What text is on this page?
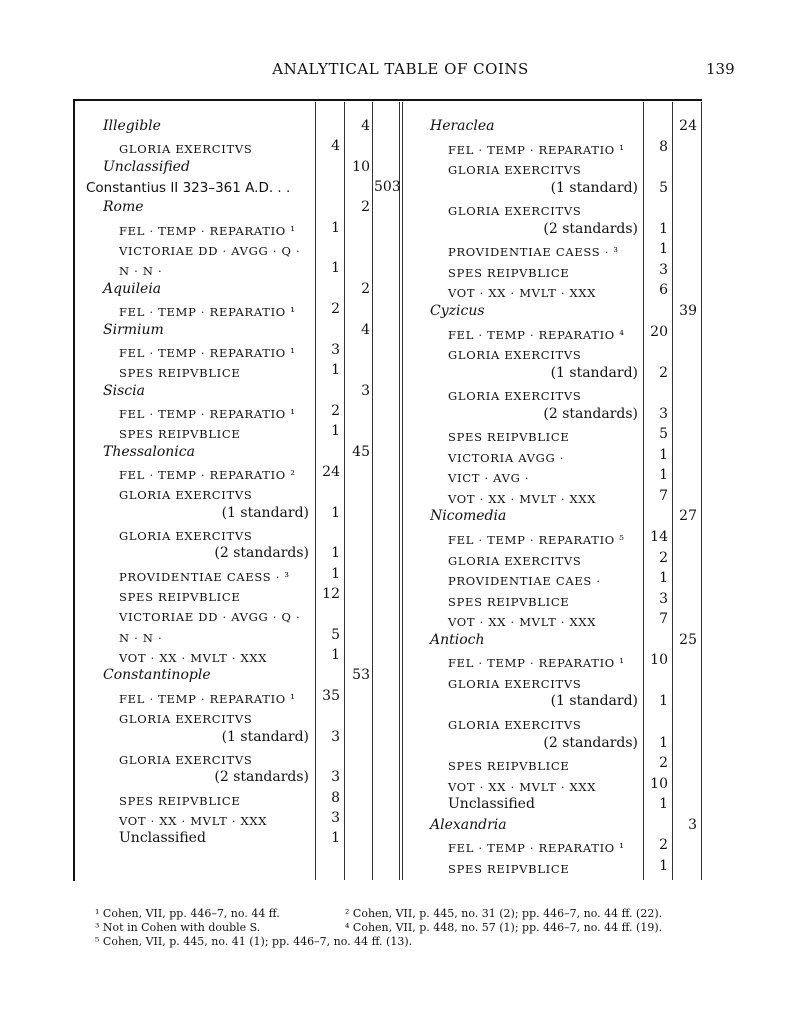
ANALYTICAL TABLE OF COINS	139
Illegible	4
GLORIA EXERCITVS	4
Unclassified	10
Constantius II 323–361 A.D. . .	503
Rome	2
FEL · TEMP · REPARATIO ¹	1
VICTORIAE DD · AVGG · Q ·
N · N ·	1
Aquileia	2
FEL · TEMP · REPARATIO ¹	2
Sirmium	4
FEL · TEMP · REPARATIO ¹	3
SPES REIPVBLICE	1
Siscia	3
FEL · TEMP · REPARATIO ¹	2
SPES REIPVBLICE	1
Thessalonica	45
FEL · TEMP · REPARATIO ²	24
GLORIA EXERCITVS
(1 standard)	1
GLORIA EXERCITVS
(2 standards)	1
PROVIDENTIAE CAESS · ³	1
SPES REIPVBLICE	12
VICTORIAE DD · AVGG · Q ·
N · N ·	5
VOT · XX · MVLT · XXX	1
Constantinople	53
FEL · TEMP · REPARATIO ¹	35
GLORIA EXERCITVS
(1 standard)	3
GLORIA EXERCITVS
(2 standards)	3
SPES REIPVBLICE	8
VOT · XX · MVLT · XXX	3
Unclassified	1
Heraclea	24
FEL · TEMP · REPARATIO ¹	8
GLORIA EXERCITVS
(1 standard)	5
GLORIA EXERCITVS
(2 standards)	1
PROVIDENTIAE CAESS · ³	1
SPES REIPVBLICE	3
VOT · XX · MVLT · XXX	6
Cyzicus	39
FEL · TEMP · REPARATIO ⁴	20
GLORIA EXERCITVS
(1 standard)	2
GLORIA EXERCITVS
(2 standards)	3
SPES REIPVBLICE	5
VICTORIA AVGG ·	1
VICT · AVG ·	1
VOT · XX · MVLT · XXX	7
Nicomedia	27
FEL · TEMP · REPARATIO ⁵	14
GLORIA EXERCITVS	2
PROVIDENTIAE CAES ·	1
SPES REIPVBLICE	3
VOT · XX · MVLT · XXX	7
Antioch	25
FEL · TEMP · REPARATIO ¹	10
GLORIA EXERCITVS
(1 standard)	1
GLORIA EXERCITVS
(2 standards)	1
SPES REIPVBLICE	2
VOT · XX · MVLT · XXX	10
Unclassified	1
Alexandria	3
FEL · TEMP · REPARATIO ¹	2
SPES REIPVBLICE	1
¹ Cohen, VII, pp. 446–7, no. 44 ff.	² Cohen, VII, p. 445, no. 31 (2); pp. 446–7, no. 44 ff. (22).
³ Not in Cohen with double S.	⁴ Cohen, VII, p. 448, no. 57 (1); pp. 446–7, no. 44 ff. (19).
⁵ Cohen, VII, p. 445, no. 41 (1); pp. 446–7, no. 44 ff. (13).
